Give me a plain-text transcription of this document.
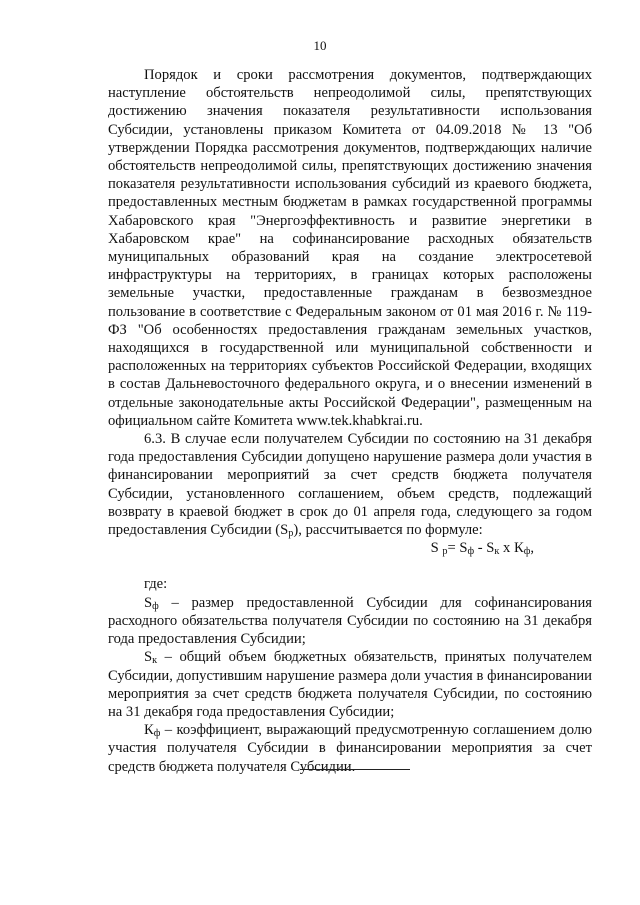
10

Порядок и сроки рассмотрения документов, подтверждающих наступление обстоятельств непреодолимой силы, препятствующих достижению значения показателя результативности использования Субсидии, установлены приказом Комитета от 04.09.2018 № 13 "Об утверждении Порядка рассмотрения документов, подтверждающих наличие обстоятельств непреодолимой силы, препятствующих достижению значения показателя результативности использования субсидий из краевого бюджета, предоставленных местным бюджетам в рамках государственной программы Хабаровского края "Энергоэффективность и развитие энергетики в Хабаровском крае" на софинансирование расходных обязательств муниципальных образований края на создание электросетевой инфраструктуры на территориях, в границах которых расположены земельные участки, предоставленные гражданам в безвозмездное пользование в соответствие с Федеральным законом от 01 мая 2016 г. № 119-ФЗ "Об особенностях предоставления гражданам земельных участков, находящихся в государственной или муниципальной собственности и расположенных на территориях субъектов Российской Федерации, входящих в состав Дальневосточного федерального округа, и о внесении изменений в отдельные законодательные акты Российской Федерации", размещенным на официальном сайте Комитета www.tek.khabkrai.ru.

6.3. В случае если получателем Субсидии по состоянию на 31 декабря года предоставления Субсидии допущено нарушение размера доли участия в финансировании мероприятий за счет средств бюджета получателя Субсидии, установленного соглашением, объем средств, подлежащий возврату в краевой бюджет в срок до 01 апреля года, следующего за годом предоставления Субсидии $(S_р)$, рассчитывается по формуле:

S $_р= S_ф - S_к$ x $К_ф$,

где:

$S_ф$ – размер предоставленной Субсидии для софинансирования расходного обязательства получателя Субсидии по состоянию на 31 декабря года предоставления Субсидии;

$S_к$ – общий объем бюджетных обязательств, принятых получателем Субсидии, допустившим нарушение размера доли участия в финансировании мероприятия за счет средств бюджета получателя Субсидии, по состоянию на 31 декабря года предоставления Субсидии;

$К_ф$ – коэффициент, выражающий предусмотренную соглашением долю участия получателя Субсидии в финансировании мероприятия за счет средств бюджета получателя Субсидии.
